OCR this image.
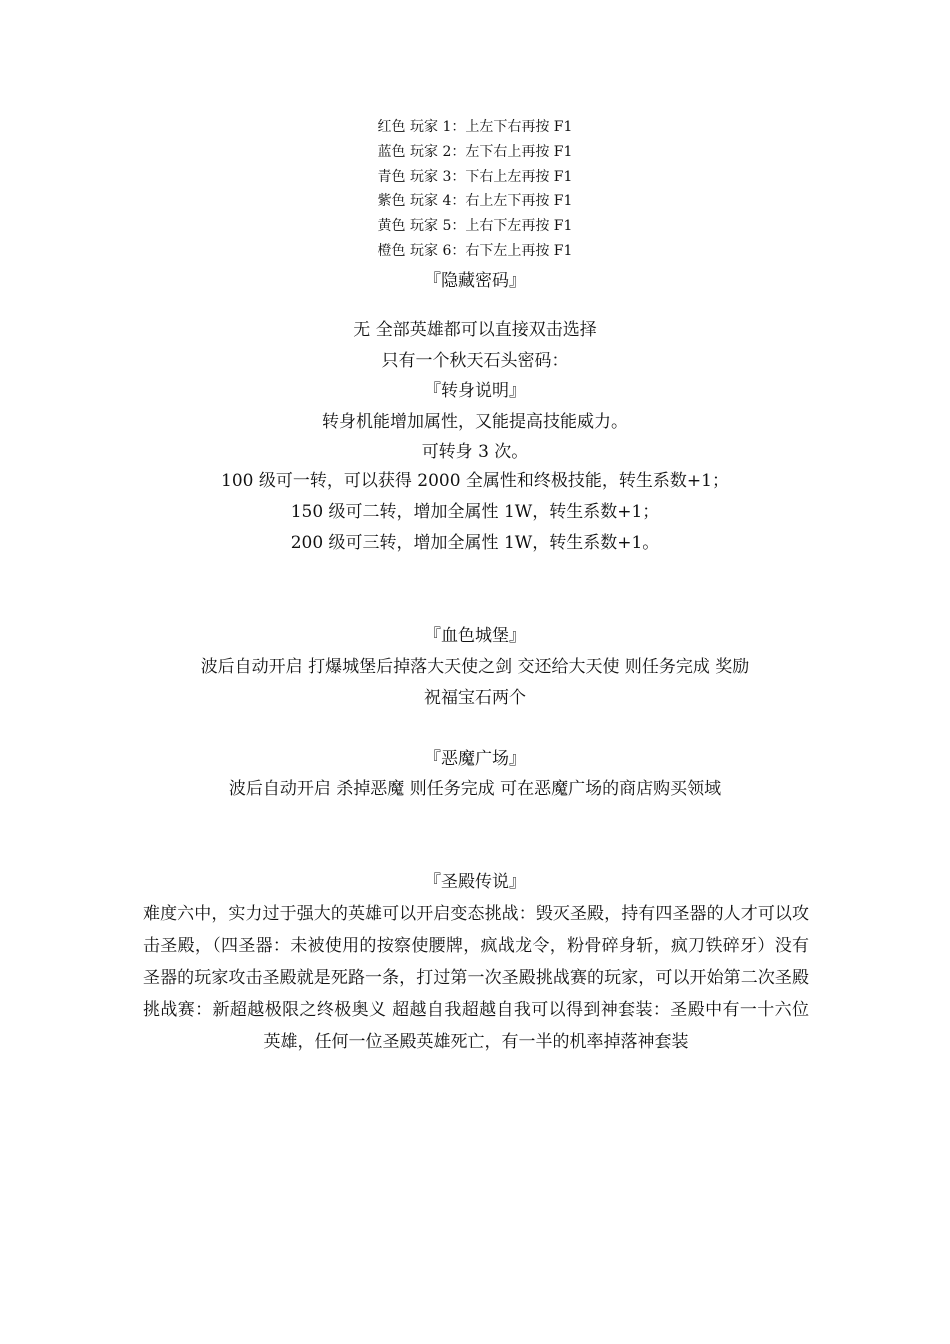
红色 玩家 1：上左下右再按 F1
蓝色 玩家 2：左下右上再按 F1
青色 玩家 3：下右上左再按 F1
紫色 玩家 4：右上左下再按 F1
黄色 玩家 5：上右下左再按 F1
橙色 玩家 6：右下左上再按 F1
『隐藏密码』
无 全部英雄都可以直接双击选择
只有一个秋天石头密码：
『转身说明』
转身机能增加属性，又能提高技能威力。
可转身 3 次。
100 级可一转，可以获得 2000 全属性和终极技能，转生系数+1；
150 级可二转，增加全属性 1W，转生系数+1；
200 级可三转，增加全属性 1W，转生系数+1。
『血色城堡』
波后自动开启 打爆城堡后掉落大天使之剑 交还给大天使 则任务完成 奖励
祝福宝石两个
『恶魔广场』
波后自动开启 杀掉恶魔 则任务完成 可在恶魔广场的商店购买领域
『圣殿传说』
难度六中，实力过于强大的英雄可以开启变态挑战：毁灭圣殿，持有四圣器的人才可以攻击圣殿，（四圣器：未被使用的按察使腰牌，疯战龙令，粉骨碎身斩，疯刀铁碎牙）没有圣器的玩家攻击圣殿就是死路一条，打过第一次圣殿挑战赛的玩家，可以开始第二次圣殿挑战赛：新超越极限之终极奥义 超越自我超越自我可以得到神套装：圣殿中有一十六位英雄，任何一位圣殿英雄死亡，有一半的机率掉落神套装
